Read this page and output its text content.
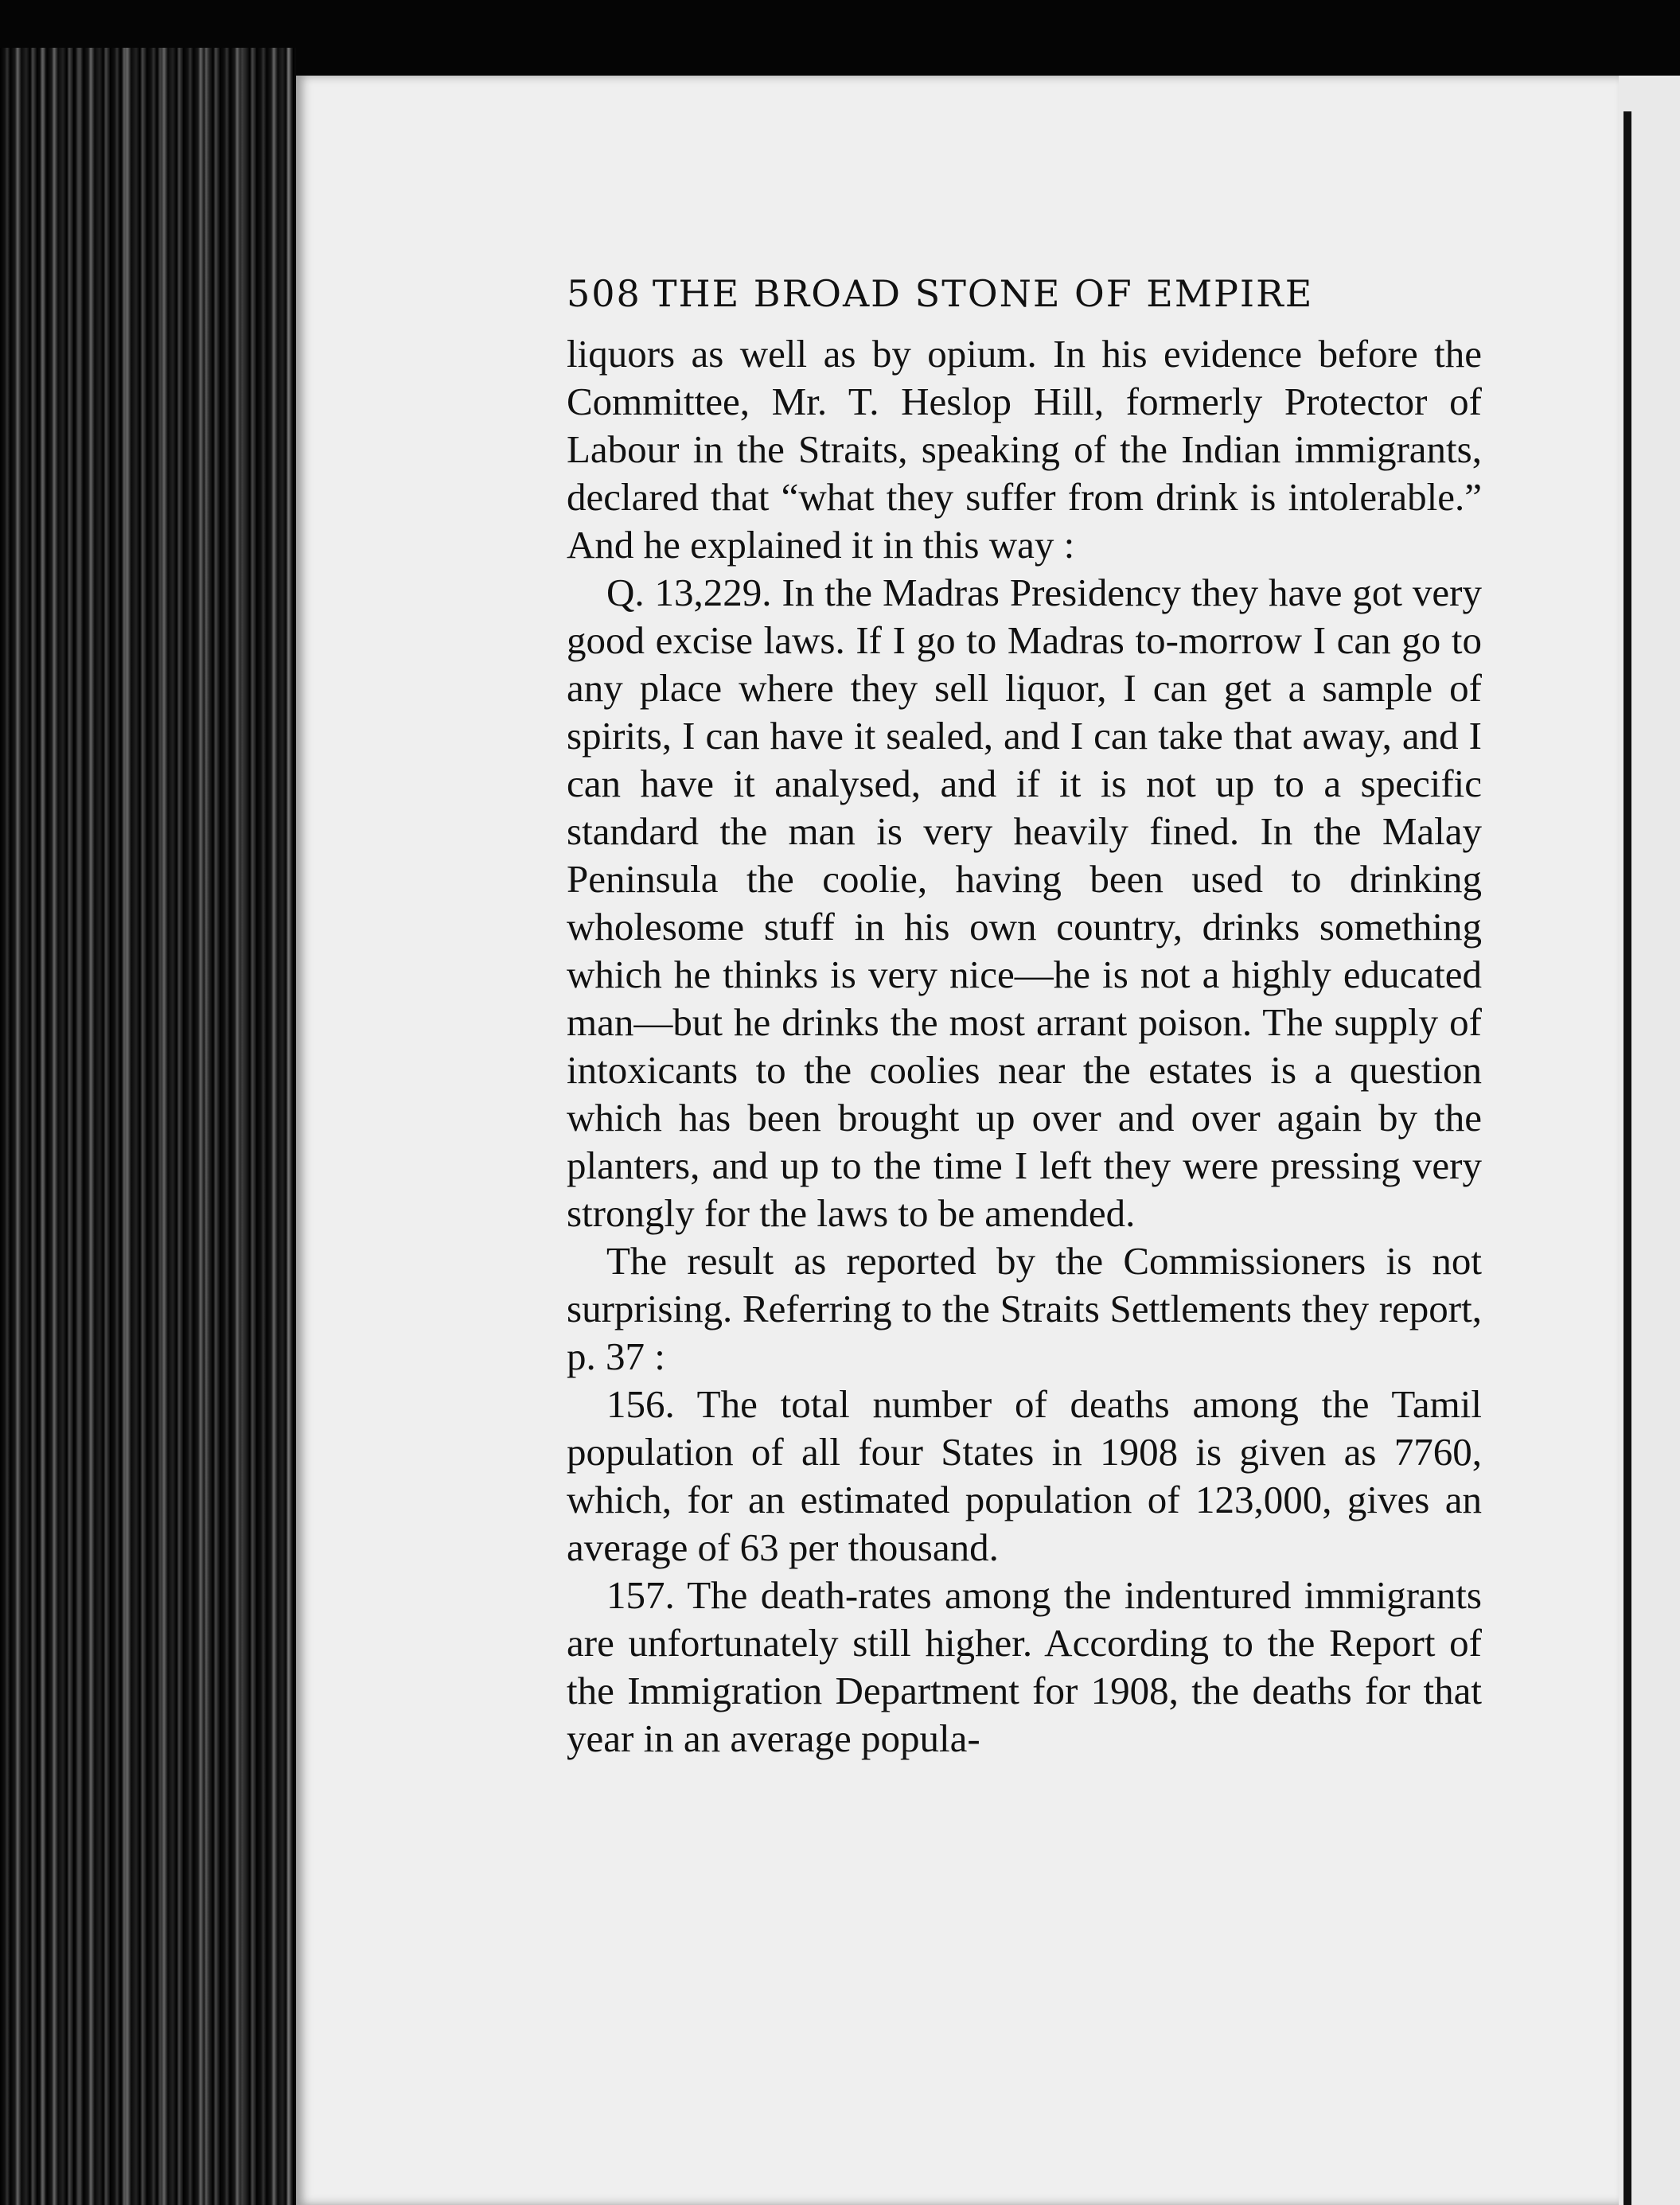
508 THE BROAD STONE OF EMPIRE

liquors as well as by opium. In his evidence before the Committee, Mr. T. Heslop Hill, formerly Protector of Labour in the Straits, speaking of the Indian immigrants, declared that “what they suffer from drink is intolerable.” And he explained it in this way :

Q. 13,229. In the Madras Presidency they have got very good excise laws. If I go to Madras to-morrow I can go to any place where they sell liquor, I can get a sample of spirits, I can have it sealed, and I can take that away, and I can have it analysed, and if it is not up to a specific standard the man is very heavily fined. In the Malay Peninsula the coolie, having been used to drinking wholesome stuff in his own country, drinks something which he thinks is very nice—he is not a highly educated man—but he drinks the most arrant poison. The supply of intoxicants to the coolies near the estates is a question which has been brought up over and over again by the planters, and up to the time I left they were pressing very strongly for the laws to be amended.

The result as reported by the Commissioners is not surprising. Referring to the Straits Settlements they report, p. 37 :

156. The total number of deaths among the Tamil population of all four States in 1908 is given as 7760, which, for an estimated population of 123,000, gives an average of 63 per thousand.

157. The death-rates among the indentured immigrants are unfortunately still higher. According to the Report of the Immigration Department for 1908, the deaths for that year in an average popula-
